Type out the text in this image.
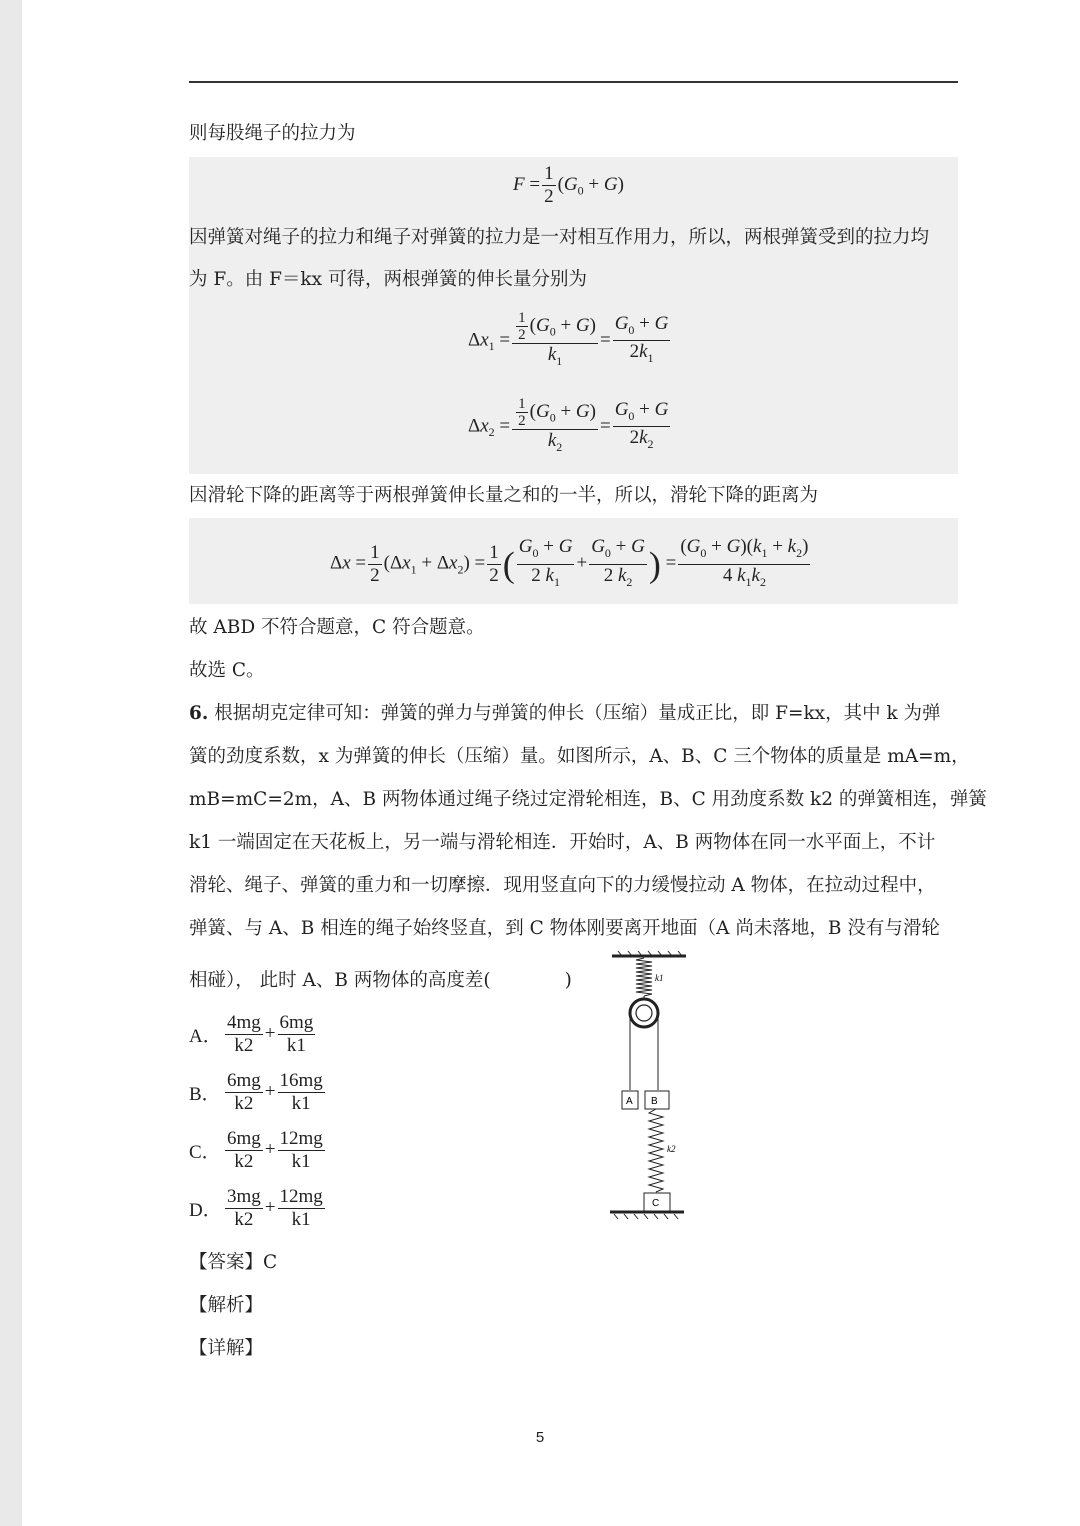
则每股绳子的拉力为
$F = \frac{1}{2} (G_0 + G)$
因弹簧对绳子的拉力和绳子对弹簧的拉力是一对相互作用力，所以，两根弹簧受到的拉力均
为 F。由 F＝kx 可得，两根弹簧的伸长量分别为
$\Delta x_1 = \frac{\frac{1}{2} (G_0 + G)}{k_1} = \frac{G_0 + G}{2k_1}$
$\Delta x_2 = \frac{\frac{1}{2} (G_0 + G)}{k_2} = \frac{G_0 + G}{2k_2}$
因滑轮下降的距离等于两根弹簧伸长量之和的一半，所以，滑轮下降的距离为
$\Delta x = \frac{1}{2} (\Delta x_1 + \Delta x_2) = \frac{1}{2}$ ( $\frac{G_0 + G}{2 k_1} + \frac{G_0 + G}{2 k_2}$ ) = $\frac{(G_0 + G)(k_1 + k_2)}{4 k_1k_2}$
故 ABD 不符合题意，C 符合题意。
故选 C。
6. 根据胡克定律可知：弹簧的弹力与弹簧的伸长（压缩）量成正比，即 F=kx，其中 k 为弹
簧的劲度系数，x 为弹簧的伸长（压缩）量。如图所示，A、B、C 三个物体的质量是 mA=m，
mB=mC=2m，A、B 两物体通过绳子绕过定滑轮相连，B、C 用劲度系数 k2 的弹簧相连，弹簧
k1 一端固定在天花板上，另一端与滑轮相连．开始时，A、B 两物体在同一水平面上，不计
滑轮、绳子、弹簧的重力和一切摩擦．现用竖直向下的力缓慢拉动 A 物体，在拉动过程中，
弹簧、与 A、B 相连的绳子始终竖直，到 C 物体刚要离开地面（A 尚未落地，B 没有与滑轮
相碰）， 此时 A、B 两物体的高度差(　　　　)
A． $\frac{4mg}{k2} + \frac{6mg}{k1}$
B． $\frac{6mg}{k2} + \frac{16mg}{k1}$
C． $\frac{6mg}{k2} + \frac{12mg}{k1}$
D． $\frac{3mg}{k2} + \frac{12mg}{k1}$
k1
A B
k2
C
【答案】C
【解析】
【详解】
5
